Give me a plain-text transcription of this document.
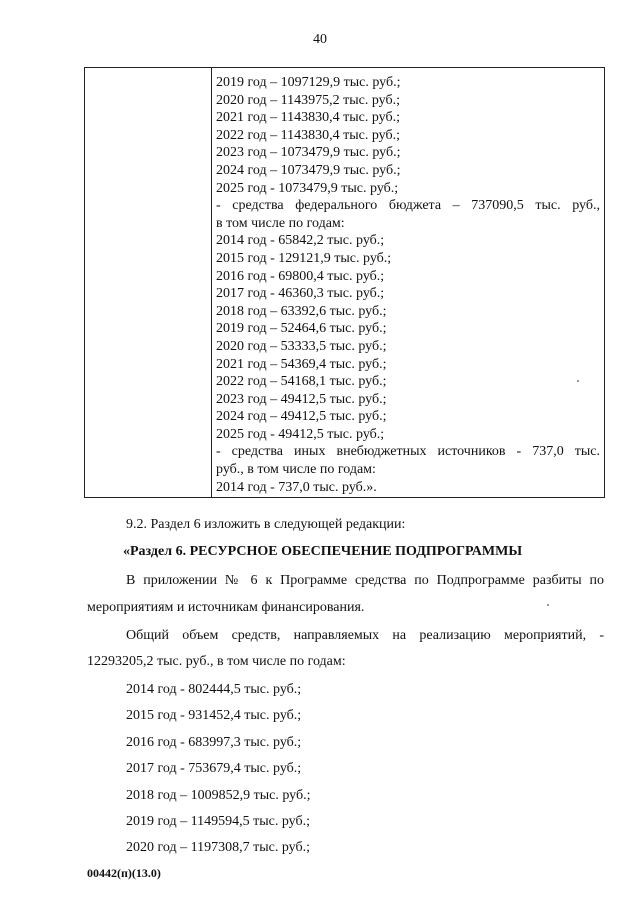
40
2019 год – 1097129,9 тыс. руб.;
2020 год – 1143975,2 тыс. руб.;
2021 год – 1143830,4 тыс. руб.;
2022 год – 1143830,4 тыс. руб.;
2023 год – 1073479,9 тыс. руб.;
2024 год – 1073479,9 тыс. руб.;
2025 год - 1073479,9 тыс. руб.;
- средства федерального бюджета – 737090,5 тыс. руб.,
в том числе по годам:
2014 год - 65842,2 тыс. руб.;
2015 год - 129121,9 тыс. руб.;
2016 год - 69800,4 тыс. руб.;
2017 год - 46360,3 тыс. руб.;
2018 год – 63392,6 тыс. руб.;
2019 год – 52464,6 тыс. руб.;
2020 год – 53333,5 тыс. руб.;
2021 год – 54369,4 тыс. руб.;
2022 год – 54168,1 тыс. руб.;
2023 год – 49412,5 тыс. руб.;
2024 год – 49412,5 тыс. руб.;
2025 год - 49412,5 тыс. руб.;
- средства иных внебюджетных источников - 737,0 тыс.
руб., в том числе по годам:
2014 год - 737,0 тыс. руб.».
9.2. Раздел 6 изложить в следующей редакции:
«Раздел 6. РЕСУРСНОЕ ОБЕСПЕЧЕНИЕ ПОДПРОГРАММЫ
В приложении № 6 к Программе средства по Подпрограмме разбиты по
мероприятиям и источникам финансирования.
Общий объем средств, направляемых на реализацию мероприятий, -
12293205,2 тыс. руб., в том числе по годам:
2014 год - 802444,5 тыс. руб.;
2015 год - 931452,4 тыс. руб.;
2016 год - 683997,3 тыс. руб.;
2017 год - 753679,4 тыс. руб.;
2018 год – 1009852,9 тыс. руб.;
2019 год – 1149594,5 тыс. руб.;
2020 год – 1197308,7 тыс. руб.;
00442(п)(13.0)
